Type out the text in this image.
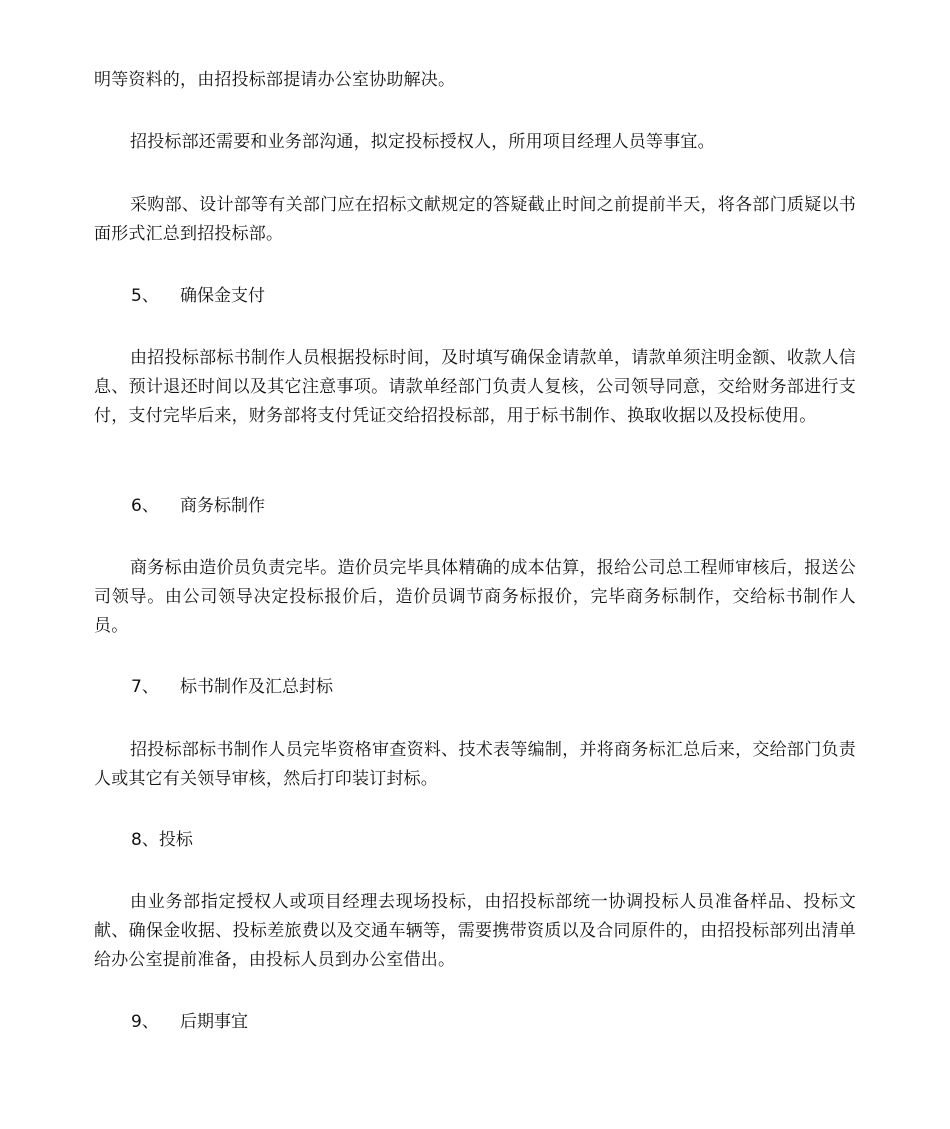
明等资料的，由招投标部提请办公室协助解决。

招投标部还需要和业务部沟通，拟定投标授权人，所用项目经理人员等事宜。

采购部、设计部等有关部门应在招标文献规定的答疑截止时间之前提前半天，将各部门质疑以书面形式汇总到招投标部。

5、 确保金支付

由招投标部标书制作人员根据投标时间，及时填写确保金请款单，请款单须注明金额、收款人信息、预计退还时间以及其它注意事项。请款单经部门负责人复核，公司领导同意，交给财务部进行支付，支付完毕后来，财务部将支付凭证交给招投标部，用于标书制作、换取收据以及投标使用。

6、 商务标制作

商务标由造价员负责完毕。造价员完毕具体精确的成本估算，报给公司总工程师审核后，报送公司领导。由公司领导决定投标报价后，造价员调节商务标报价，完毕商务标制作，交给标书制作人员。

7、 标书制作及汇总封标

招投标部标书制作人员完毕资格审查资料、技术表等编制，并将商务标汇总后来，交给部门负责人或其它有关领导审核，然后打印装订封标。

8、投标

由业务部指定授权人或项目经理去现场投标，由招投标部统一协调投标人员准备样品、投标文献、确保金收据、投标差旅费以及交通车辆等，需要携带资质以及合同原件的，由招投标部列出清单给办公室提前准备，由投标人员到办公室借出。

9、 后期事宜
